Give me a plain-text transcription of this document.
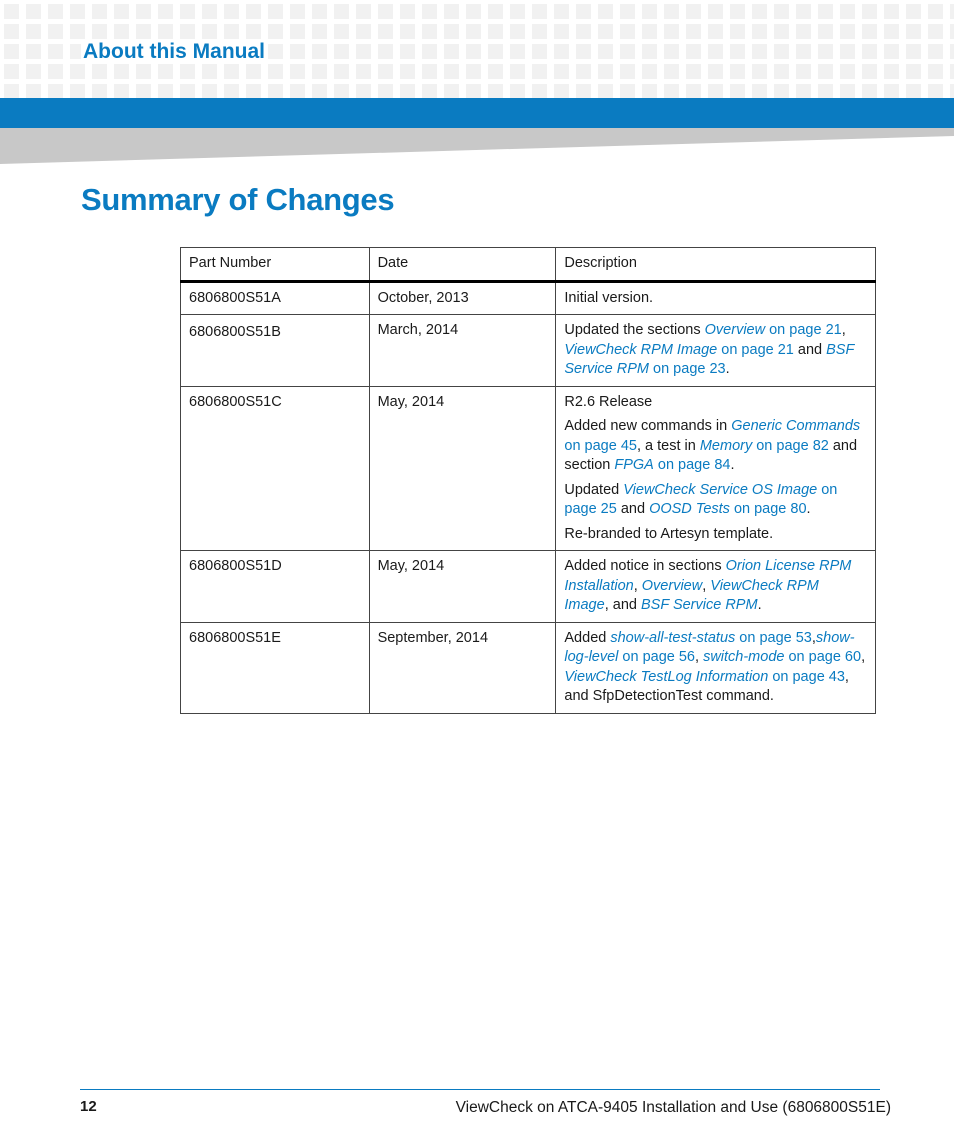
About this Manual
Summary of Changes
Part Number	Date	Description
6806800S51A	October, 2013	Initial version.

6806800S51B	March, 2014	Updated the sections Overview on page 21, ViewCheck RPM Image on page 21 and BSF Service RPM on page 23.
6806800S51C	May, 2014	R2.6 Release
Added new commands in Generic Commands on page 45, a test in Memory on page 82 and section FPGA on page 84.
Updated ViewCheck Service OS Image on page 25 and OOSD Tests on page 80.
Re-branded to Artesyn template.

6806800S51D	May, 2014	Added notice in sections Orion License RPM Installation, Overview, ViewCheck RPM Image, and BSF Service RPM.
6806800S51E	September, 2014	Added show-all-test-status on page 53,show-log-level on page 56, switch-mode on page 60, ViewCheck TestLog Information on page 43, and SfpDetectionTest command.
12	ViewCheck on ATCA-9405 Installation and Use (6806800S51E)
